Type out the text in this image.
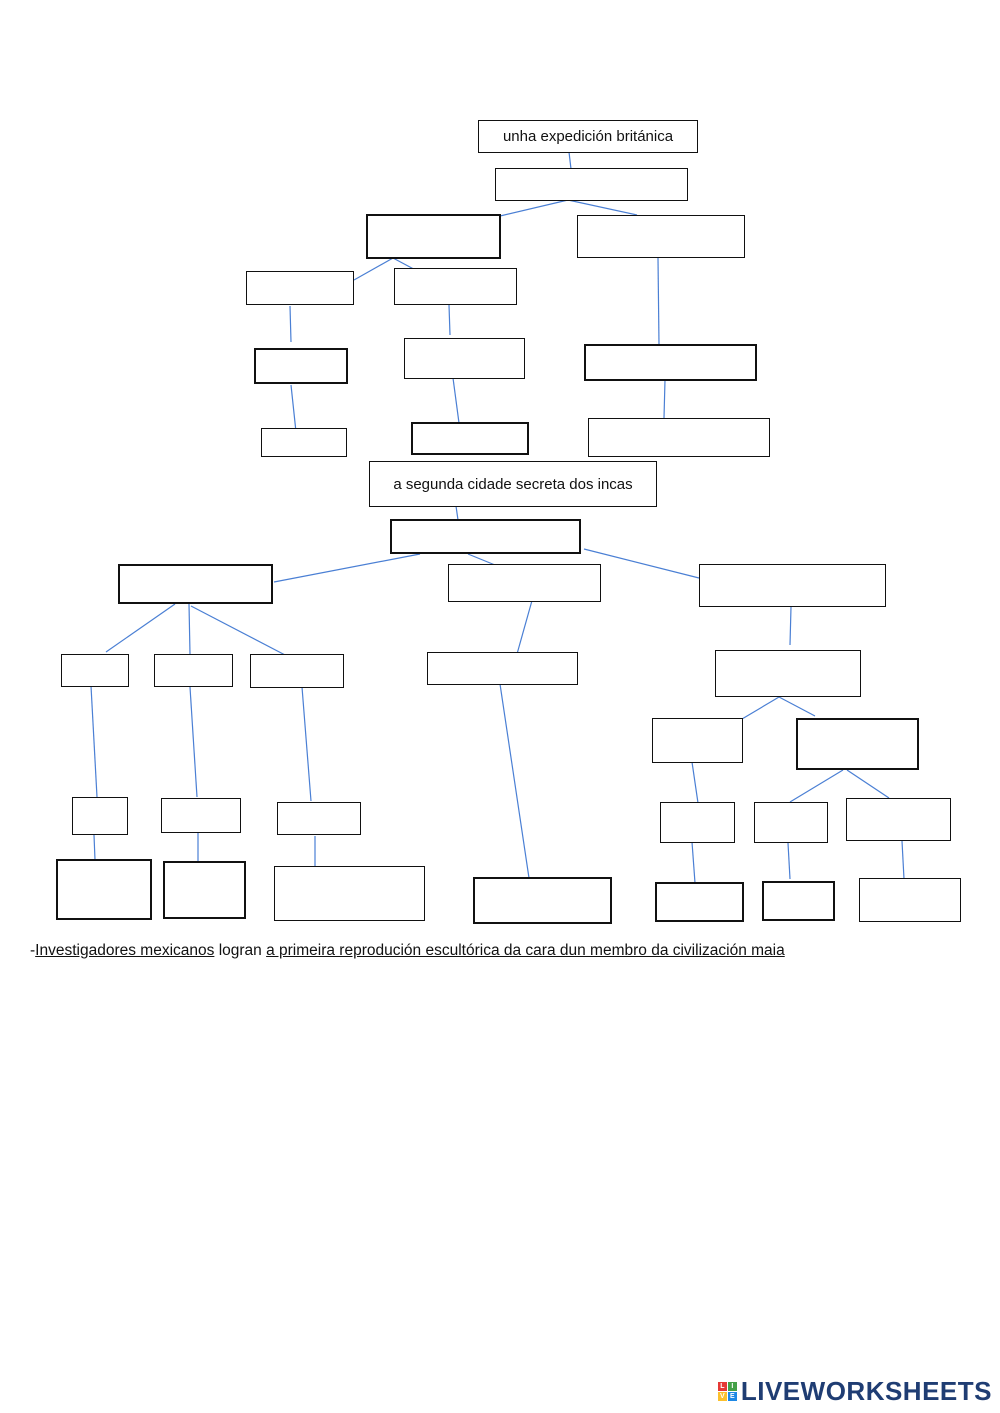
unha expedición británica
a segunda cidade secreta dos incas
-Investigadores mexicanos logran a primeira reprodución escultórica da cara dun membro da civilización maia
L I
V E LIVEWORKSHEETS
